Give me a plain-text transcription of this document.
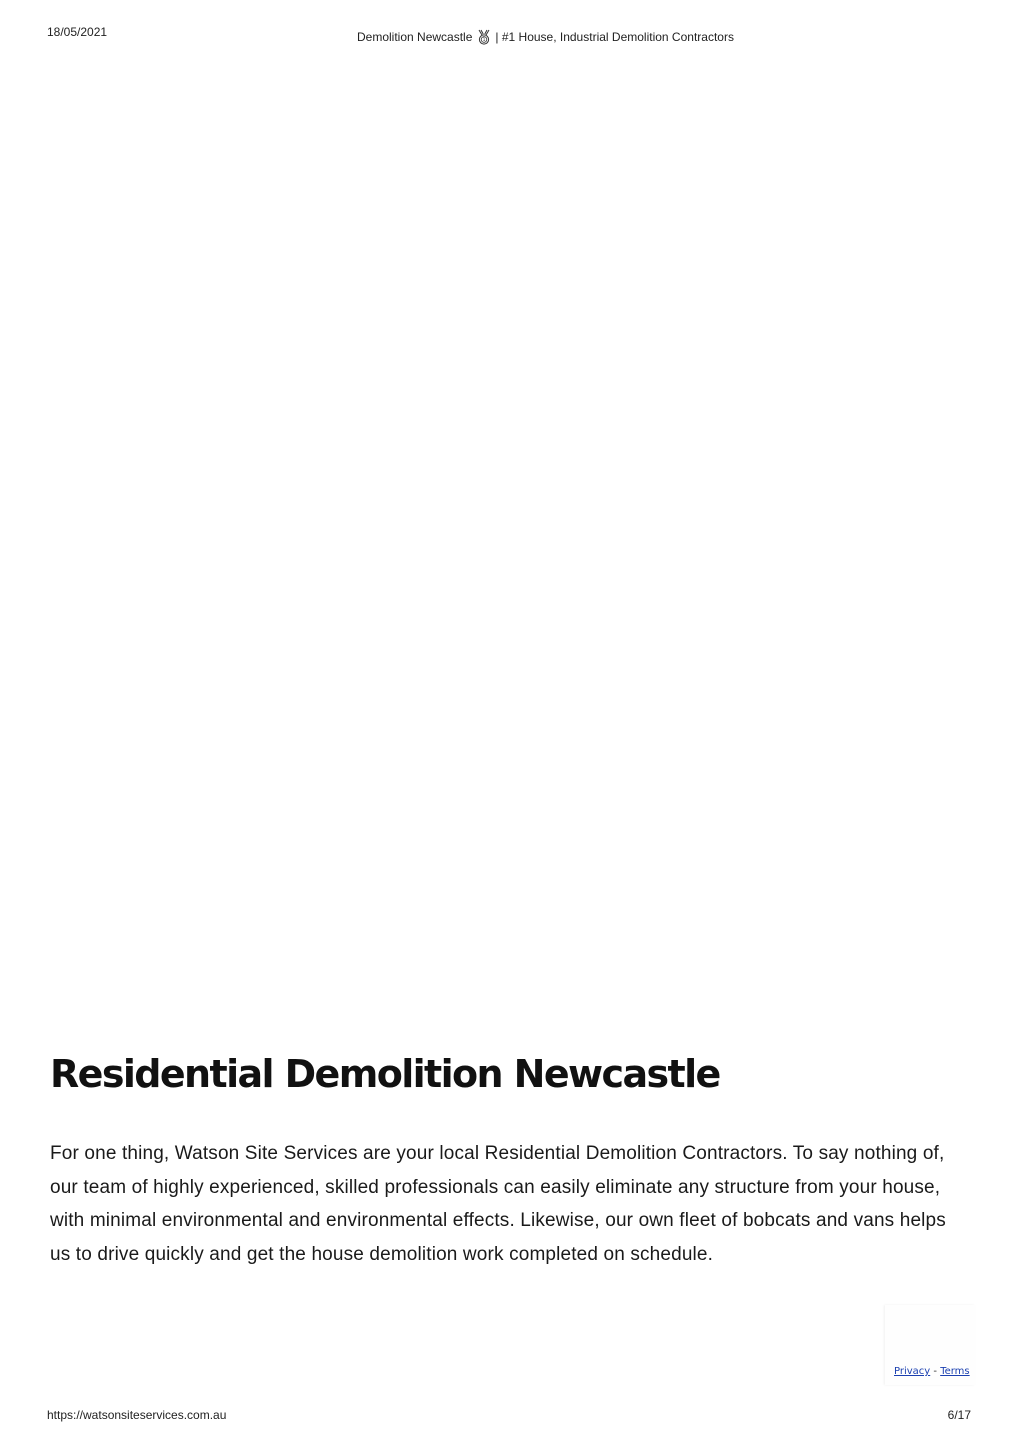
18/05/2021	Demolition Newcastle 1 | #1 House, Industrial Demolition Contractors
Residential Demolition Newcastle

For one thing, Watson Site Services are your local Residential Demolition Contractors. To say nothing of, our team of highly experienced, skilled professionals can easily eliminate any structure from your house, with minimal environmental and environmental effects. Likewise, our own fleet of bobcats and vans helps us to drive quickly and get the house demolition work completed on schedule.

Privacy - Terms
https://watsonsiteservices.com.au	6/17
